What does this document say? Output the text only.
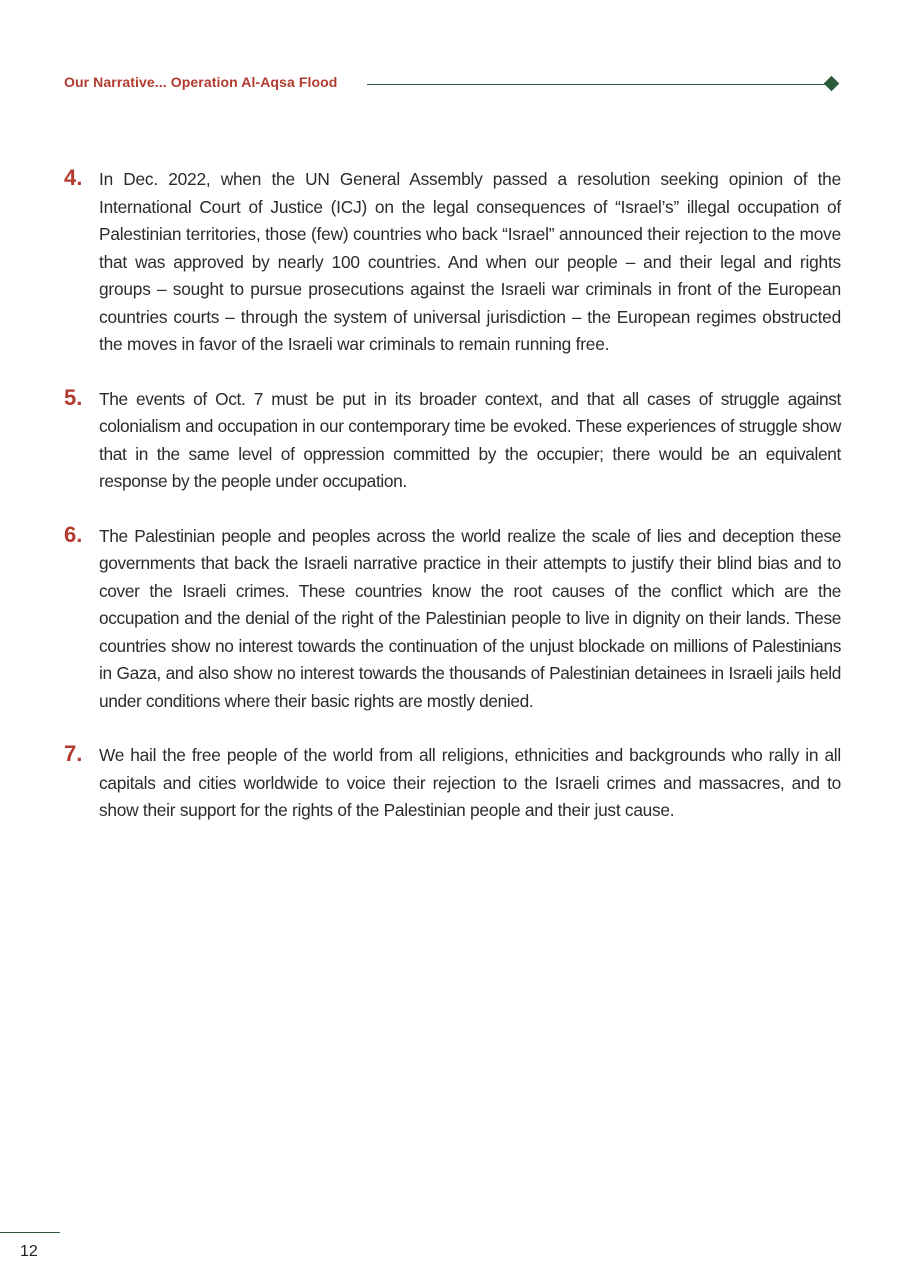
Our Narrative... Operation Al-Aqsa Flood
4. In Dec. 2022, when the UN General Assembly passed a resolution seeking opinion of the International Court of Justice (ICJ) on the legal consequences of “Israel’s” illegal occupation of Palestinian territories, those (few) countries who back “Israel” announced their rejection to the move that was approved by nearly 100 countries. And when our people – and their legal and rights groups – sought to pursue prosecutions against the Israeli war criminals in front of the European countries courts – through the system of universal jurisdiction – the European regimes obstructed the moves in favor of the Israeli war criminals to remain running free.

5. The events of Oct. 7 must be put in its broader context, and that all cases of struggle against colonialism and occupation in our contemporary time be evoked. These experiences of struggle show that in the same level of oppression committed by the occupier; there would be an equivalent response by the people under occupation.

6. The Palestinian people and peoples across the world realize the scale of lies and deception these governments that back the Israeli narrative practice in their attempts to justify their blind bias and to cover the Israeli crimes. These countries know the root causes of the conflict which are the occupation and the denial of the right of the Palestinian people to live in dignity on their lands. These countries show no interest towards the continuation of the unjust blockade on millions of Palestinians in Gaza, and also show no interest towards the thousands of Palestinian detainees in Israeli jails held under conditions where their basic rights are mostly denied.

7. We hail the free people of the world from all religions, ethnicities and backgrounds who rally in all capitals and cities worldwide to voice their rejection to the Israeli crimes and massacres, and to show their support for the rights of the Palestinian people and their just cause.

12
